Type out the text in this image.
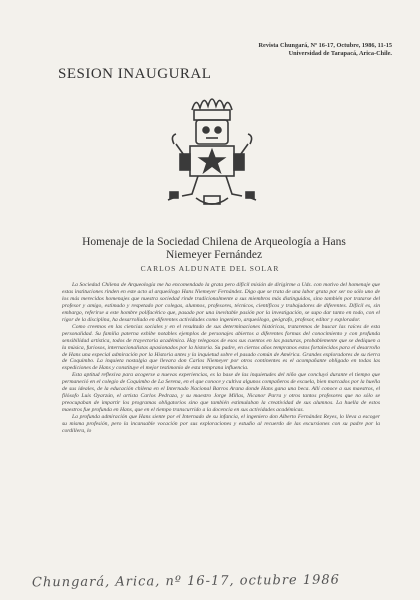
Revista Chungará, Nº 16-17, Octubre, 1986, 11-15
Universidad de Tarapacá, Arica-Chile.
SESION INAUGURAL
Homenaje de la Sociedad Chilena de Arqueología a Hans
Niemeyer Fernández
CARLOS ALDUNATE DEL SOLAR

La Sociedad Chilena de Arqueología me ha encomendado la grata pero difícil misión de dirigirme a Uds. con motivo del homenaje que estas instituciones rinden en este acto al arqueólogo Hans Niemeyer Fernández. Digo que se trata de una labor grata por ser no sólo uno de los más merecidos homenajes que nuestra sociedad rinde tradicionalmente a sus miembros más distinguidos, sino también por tratarse del profesor y amigo, estimado y respetado por colegas, alumnos, profesores, técnicos, científicos y trabajadores de diferentes. Difícil es, sin embargo, referirse a este hombre polifacético que, pasado por una inevitable pasión por la investigación, se supo dar tanto en todo, con el rigor de la disciplina, ha desarrollado en diferentes actividades como ingeniero, arqueólogo, geógrafo, profesor, editor y explorador.

Como creemos en las ciencias sociales y en el resultado de sus determinaciones históricas, trataremos de buscar las raíces de esta personalidad. Su familia paterna exhibe notables ejemplos de personajes abiertos a diferentes formas del conocimiento y con profunda sensibilidad artística, todos de trayectoria académica. Hay telegosos de esos sus cuentos en las pasturas, probablemente que se dediquen a la música, furiosos, internacionalistas apasionados por la historia. Su padre, en ciertos años tempranos estos fortalecidos para el desarrollo de Hans una especial admiración por la Historia antes y la inquietud sobre el pasado común de América. Grandes exploradores de su tierra de Coquimbo. La inquieta nostalgia que llevara don Carlos Niemeyer por otros continentes es el acompañante obligado en todas las expediciones de Hans y constituye el mejor testimonio de esta temprana influencia.

Esta aptitud reflexiva para acogerse a nuevas experiencias, es la base de las inquietudes del niño que concluyó durante el tiempo que permaneció en el colegio de Coquimbo de La Serena, en el que conoce y cultiva algunos compañeros de escuela, bien marcados por la huella de sus ideales, de la educación chilena en el Internado Nacional Barros Arana donde Hans gana una beca. Allí conoce a sus maestros, el filósofo Luis Oyarzún, el artista Carlos Pedraza, y su maestro Jorge Millas, Nicanor Parra y otros tantos profesores que no sólo se preocupaban de impartir los programas obligatorios sino que también estimulaban la creatividad de sus alumnos. La huella de estos maestros fue profunda en Hans, que en el tiempo transcurrido a la docencia en sus actividades académicas.

La profunda admiración que Hans siente por el Internado de su infancia, el ingeniero don Alberto Fernández Reyes, lo lleva a escoger su misma profesión, pero la incansable vocación por sus exploraciones y estudio al recuerdo de las excursiones con su padre por la cordillera, lo

Chungará, Arica, nº 16-17, octubre 1986
